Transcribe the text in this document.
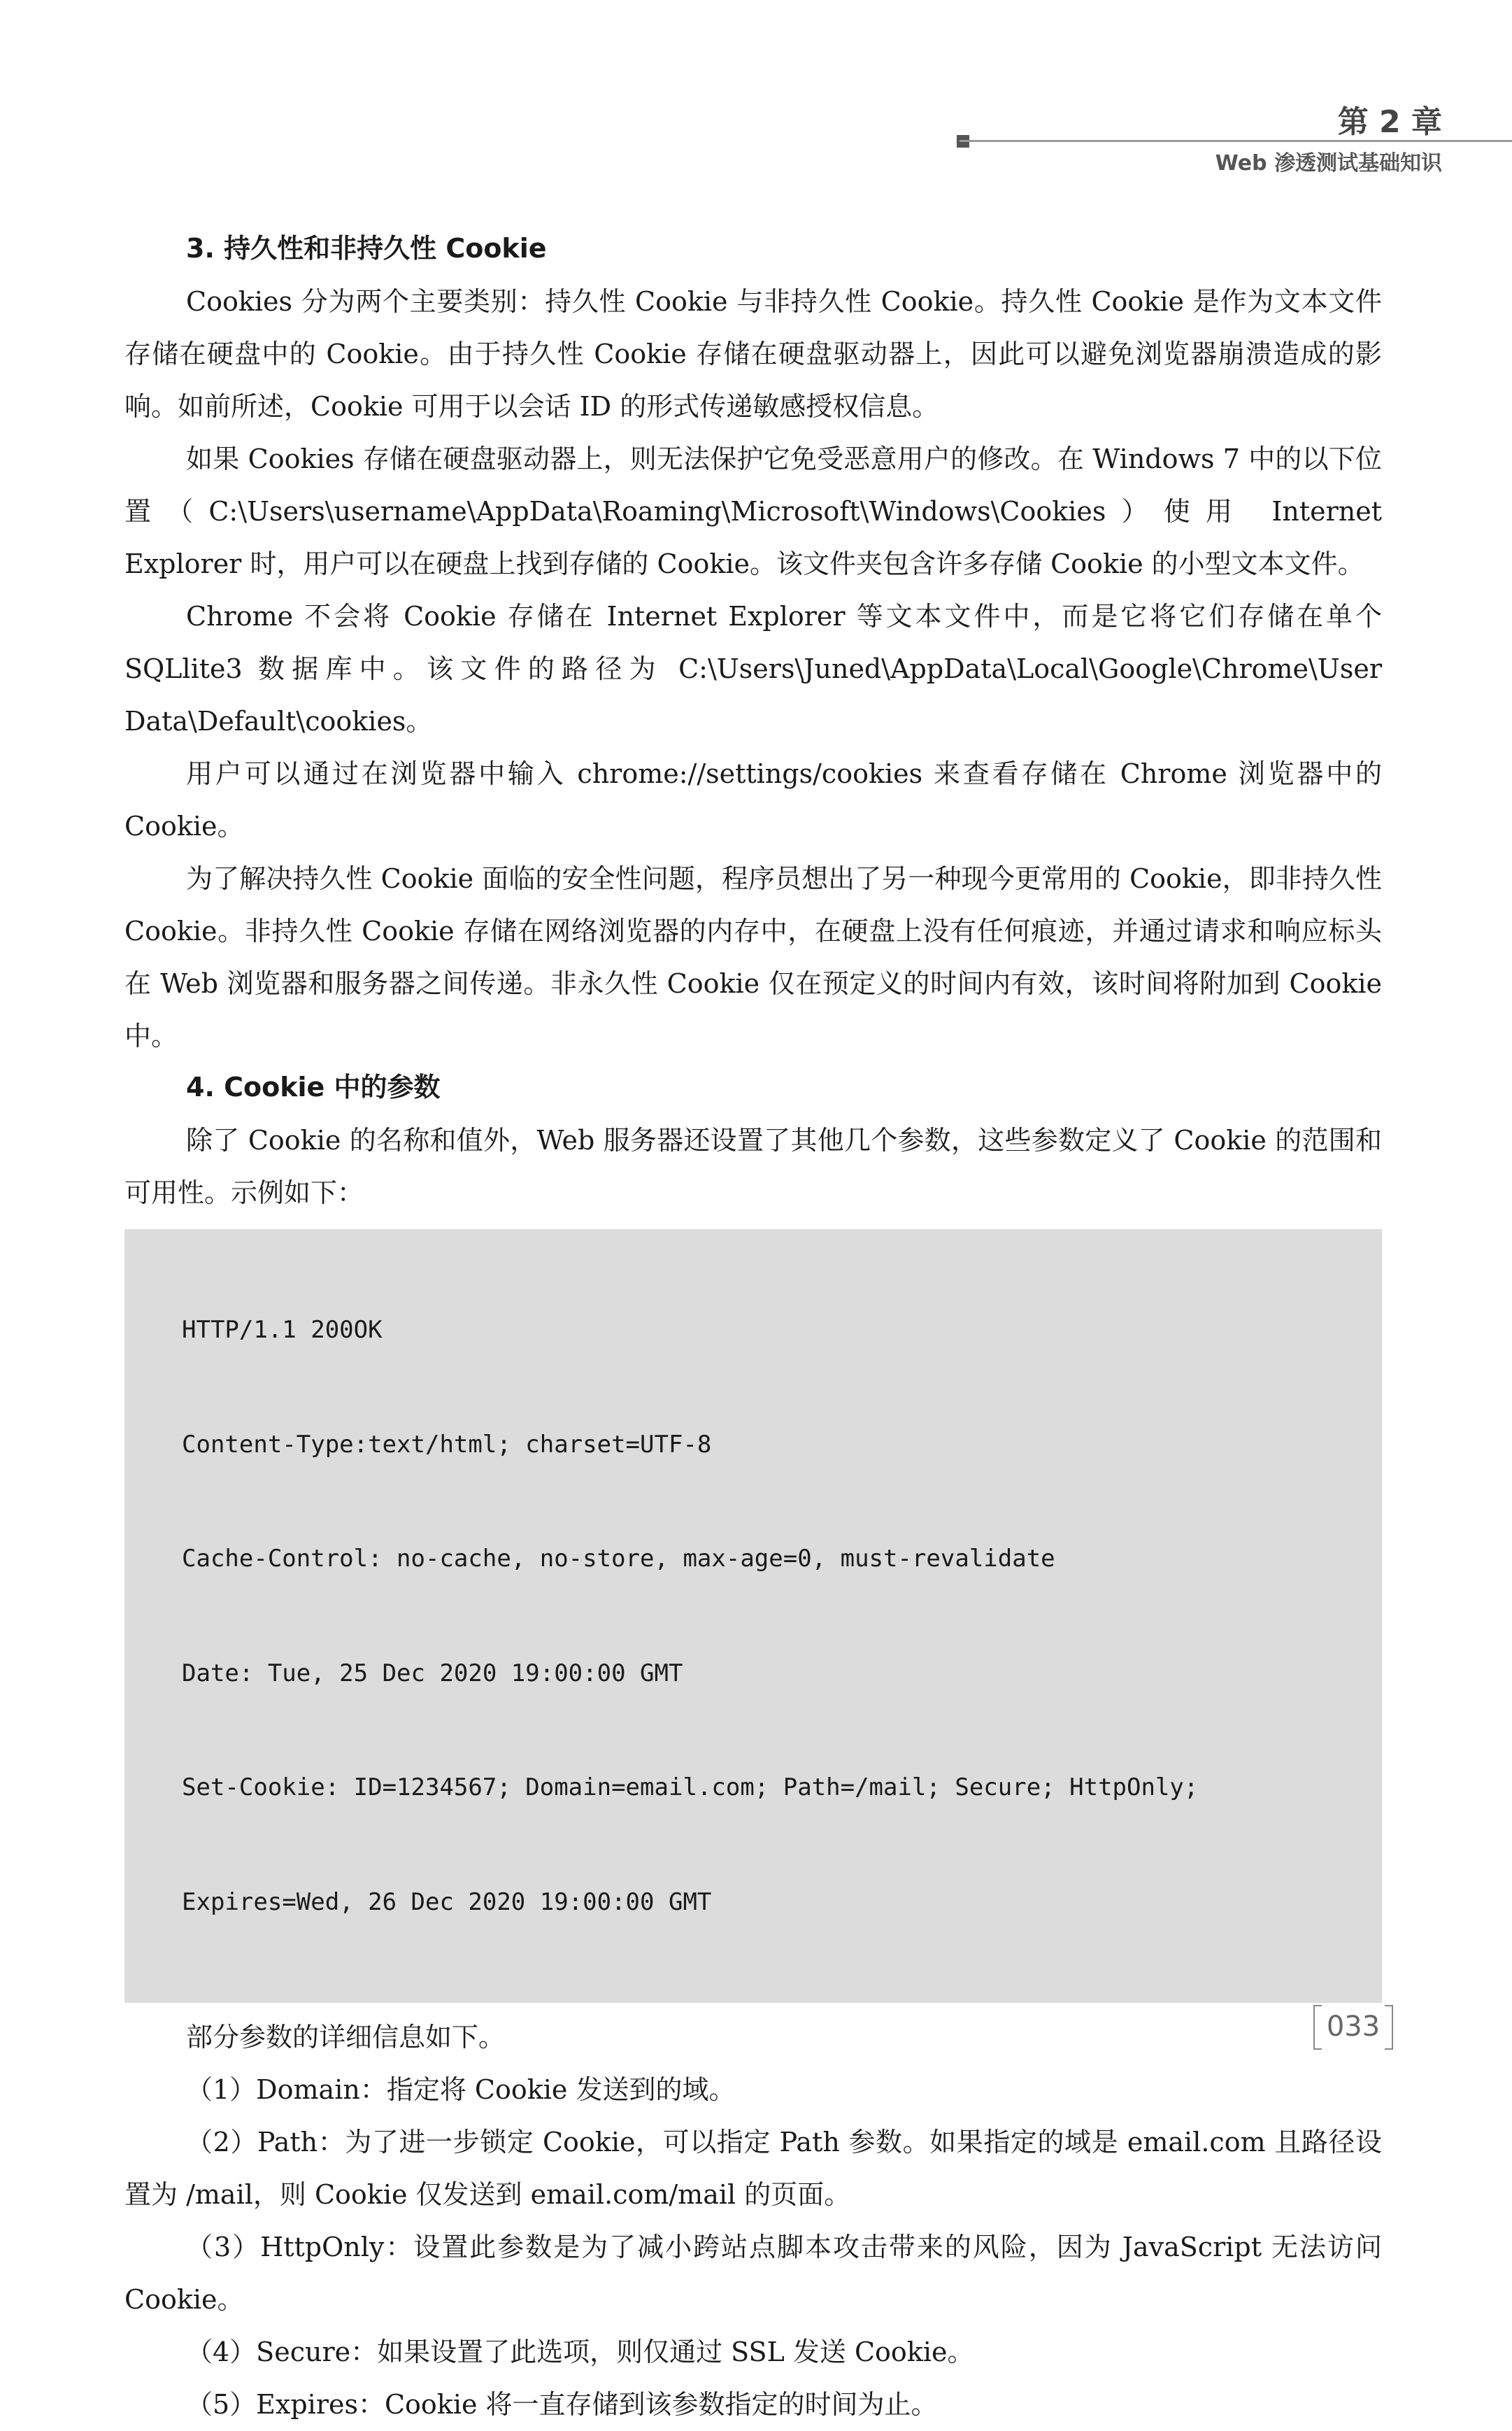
第 2 章
Web 渗透测试基础知识
3. 持久性和非持久性 Cookie

Cookies 分为两个主要类别：持久性 Cookie 与非持久性 Cookie。持久性 Cookie 是作为文本文件存储在硬盘中的 Cookie。由于持久性 Cookie 存储在硬盘驱动器上，因此可以避免浏览器崩溃造成的影响。如前所述，Cookie 可用于以会话 ID 的形式传递敏感授权信息。

如果 Cookies 存储在硬盘驱动器上，则无法保护它免受恶意用户的修改。在 Windows 7 中的以下位置（C:\Users\username\AppData\Roaming\Microsoft\Windows\Cookies）使用 Internet Explorer 时，用户可以在硬盘上找到存储的 Cookie。该文件夹包含许多存储 Cookie 的小型文本文件。

Chrome 不会将 Cookie 存储在 Internet Explorer 等文本文件中，而是它将它们存储在单个 SQLlite3 数据库中。该文件的路径为 C:\Users\Juned\AppData\Local\Google\Chrome\User Data\Default\cookies。

用户可以通过在浏览器中输入 chrome://settings/cookies 来查看存储在 Chrome 浏览器中的 Cookie。

为了解决持久性 Cookie 面临的安全性问题，程序员想出了另一种现今更常用的 Cookie，即非持久性 Cookie。非持久性 Cookie 存储在网络浏览器的内存中，在硬盘上没有任何痕迹，并通过请求和响应标头在 Web 浏览器和服务器之间传递。非永久性 Cookie 仅在预定义的时间内有效，该时间将附加到 Cookie 中。

4. Cookie 中的参数

除了 Cookie 的名称和值外，Web 服务器还设置了其他几个参数，这些参数定义了 Cookie 的范围和可用性。示例如下：

HTTP/1.1 200OK

Content-Type:text/html; charset=UTF-8

Cache-Control: no-cache, no-store, max-age=0, must-revalidate

Date: Tue, 25 Dec 2020 19:00:00 GMT

Set-Cookie: ID=1234567; Domain=email.com; Path=/mail; Secure; HttpOnly;

Expires=Wed, 26 Dec 2020 19:00:00 GMT

部分参数的详细信息如下。

（1）Domain：指定将 Cookie 发送到的域。

（2）Path：为了进一步锁定 Cookie，可以指定 Path 参数。如果指定的域是 email.com 且路径设置为 /mail，则 Cookie 仅发送到 email.com/mail 的页面。

（3）HttpOnly：设置此参数是为了减小跨站点脚本攻击带来的风险，因为 JavaScript 无法访问 Cookie。

（4）Secure：如果设置了此选项，则仅通过 SSL 发送 Cookie。

（5）Expires：Cookie 将一直存储到该参数指定的时间为止。

033
